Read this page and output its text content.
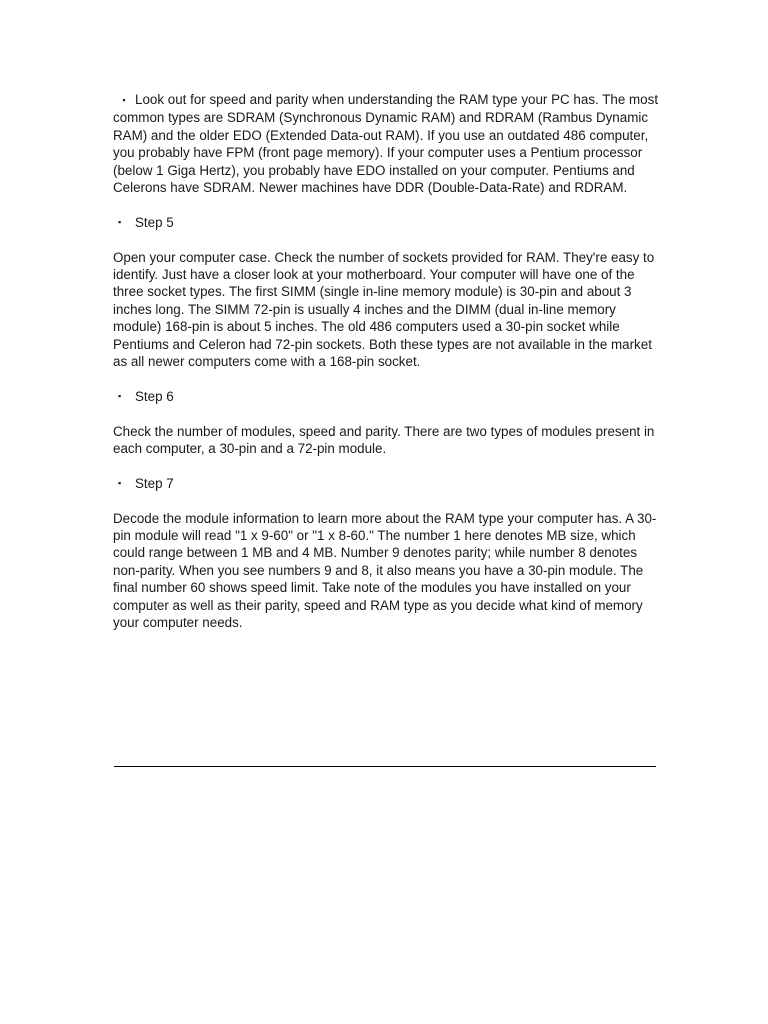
▪ Look out for speed and parity when understanding the RAM type your PC has. The most common types are SDRAM (Synchronous Dynamic RAM) and RDRAM (Rambus Dynamic RAM) and the older EDO (Extended Data-out RAM). If you use an outdated 486 computer, you probably have FPM (front page memory). If your computer uses a Pentium processor (below 1 Giga Hertz), you probably have EDO installed on your computer. Pentiums and Celerons have SDRAM. Newer machines have DDR (Double-Data-Rate) and RDRAM.

▪ Step 5

Open your computer case. Check the number of sockets provided for RAM. They're easy to identify. Just have a closer look at your motherboard. Your computer will have one of the three socket types. The first SIMM (single in-line memory module) is 30-pin and about 3 inches long. The SIMM 72-pin is usually 4 inches and the DIMM (dual in-line memory module) 168-pin is about 5 inches. The old 486 computers used a 30-pin socket while Pentiums and Celeron had 72-pin sockets. Both these types are not available in the market as all newer computers come with a 168-pin socket.

▪ Step 6

Check the number of modules, speed and parity. There are two types of modules present in each computer, a 30-pin and a 72-pin module.

▪ Step 7

Decode the module information to learn more about the RAM type your computer has. A 30-pin module will read "1 x 9-60" or "1 x 8-60." The number 1 here denotes MB size, which could range between 1 MB and 4 MB. Number 9 denotes parity; while number 8 denotes non-parity. When you see numbers 9 and 8, it also means you have a 30-pin module. The final number 60 shows speed limit. Take note of the modules you have installed on your computer as well as their parity, speed and RAM type as you decide what kind of memory your computer needs.
